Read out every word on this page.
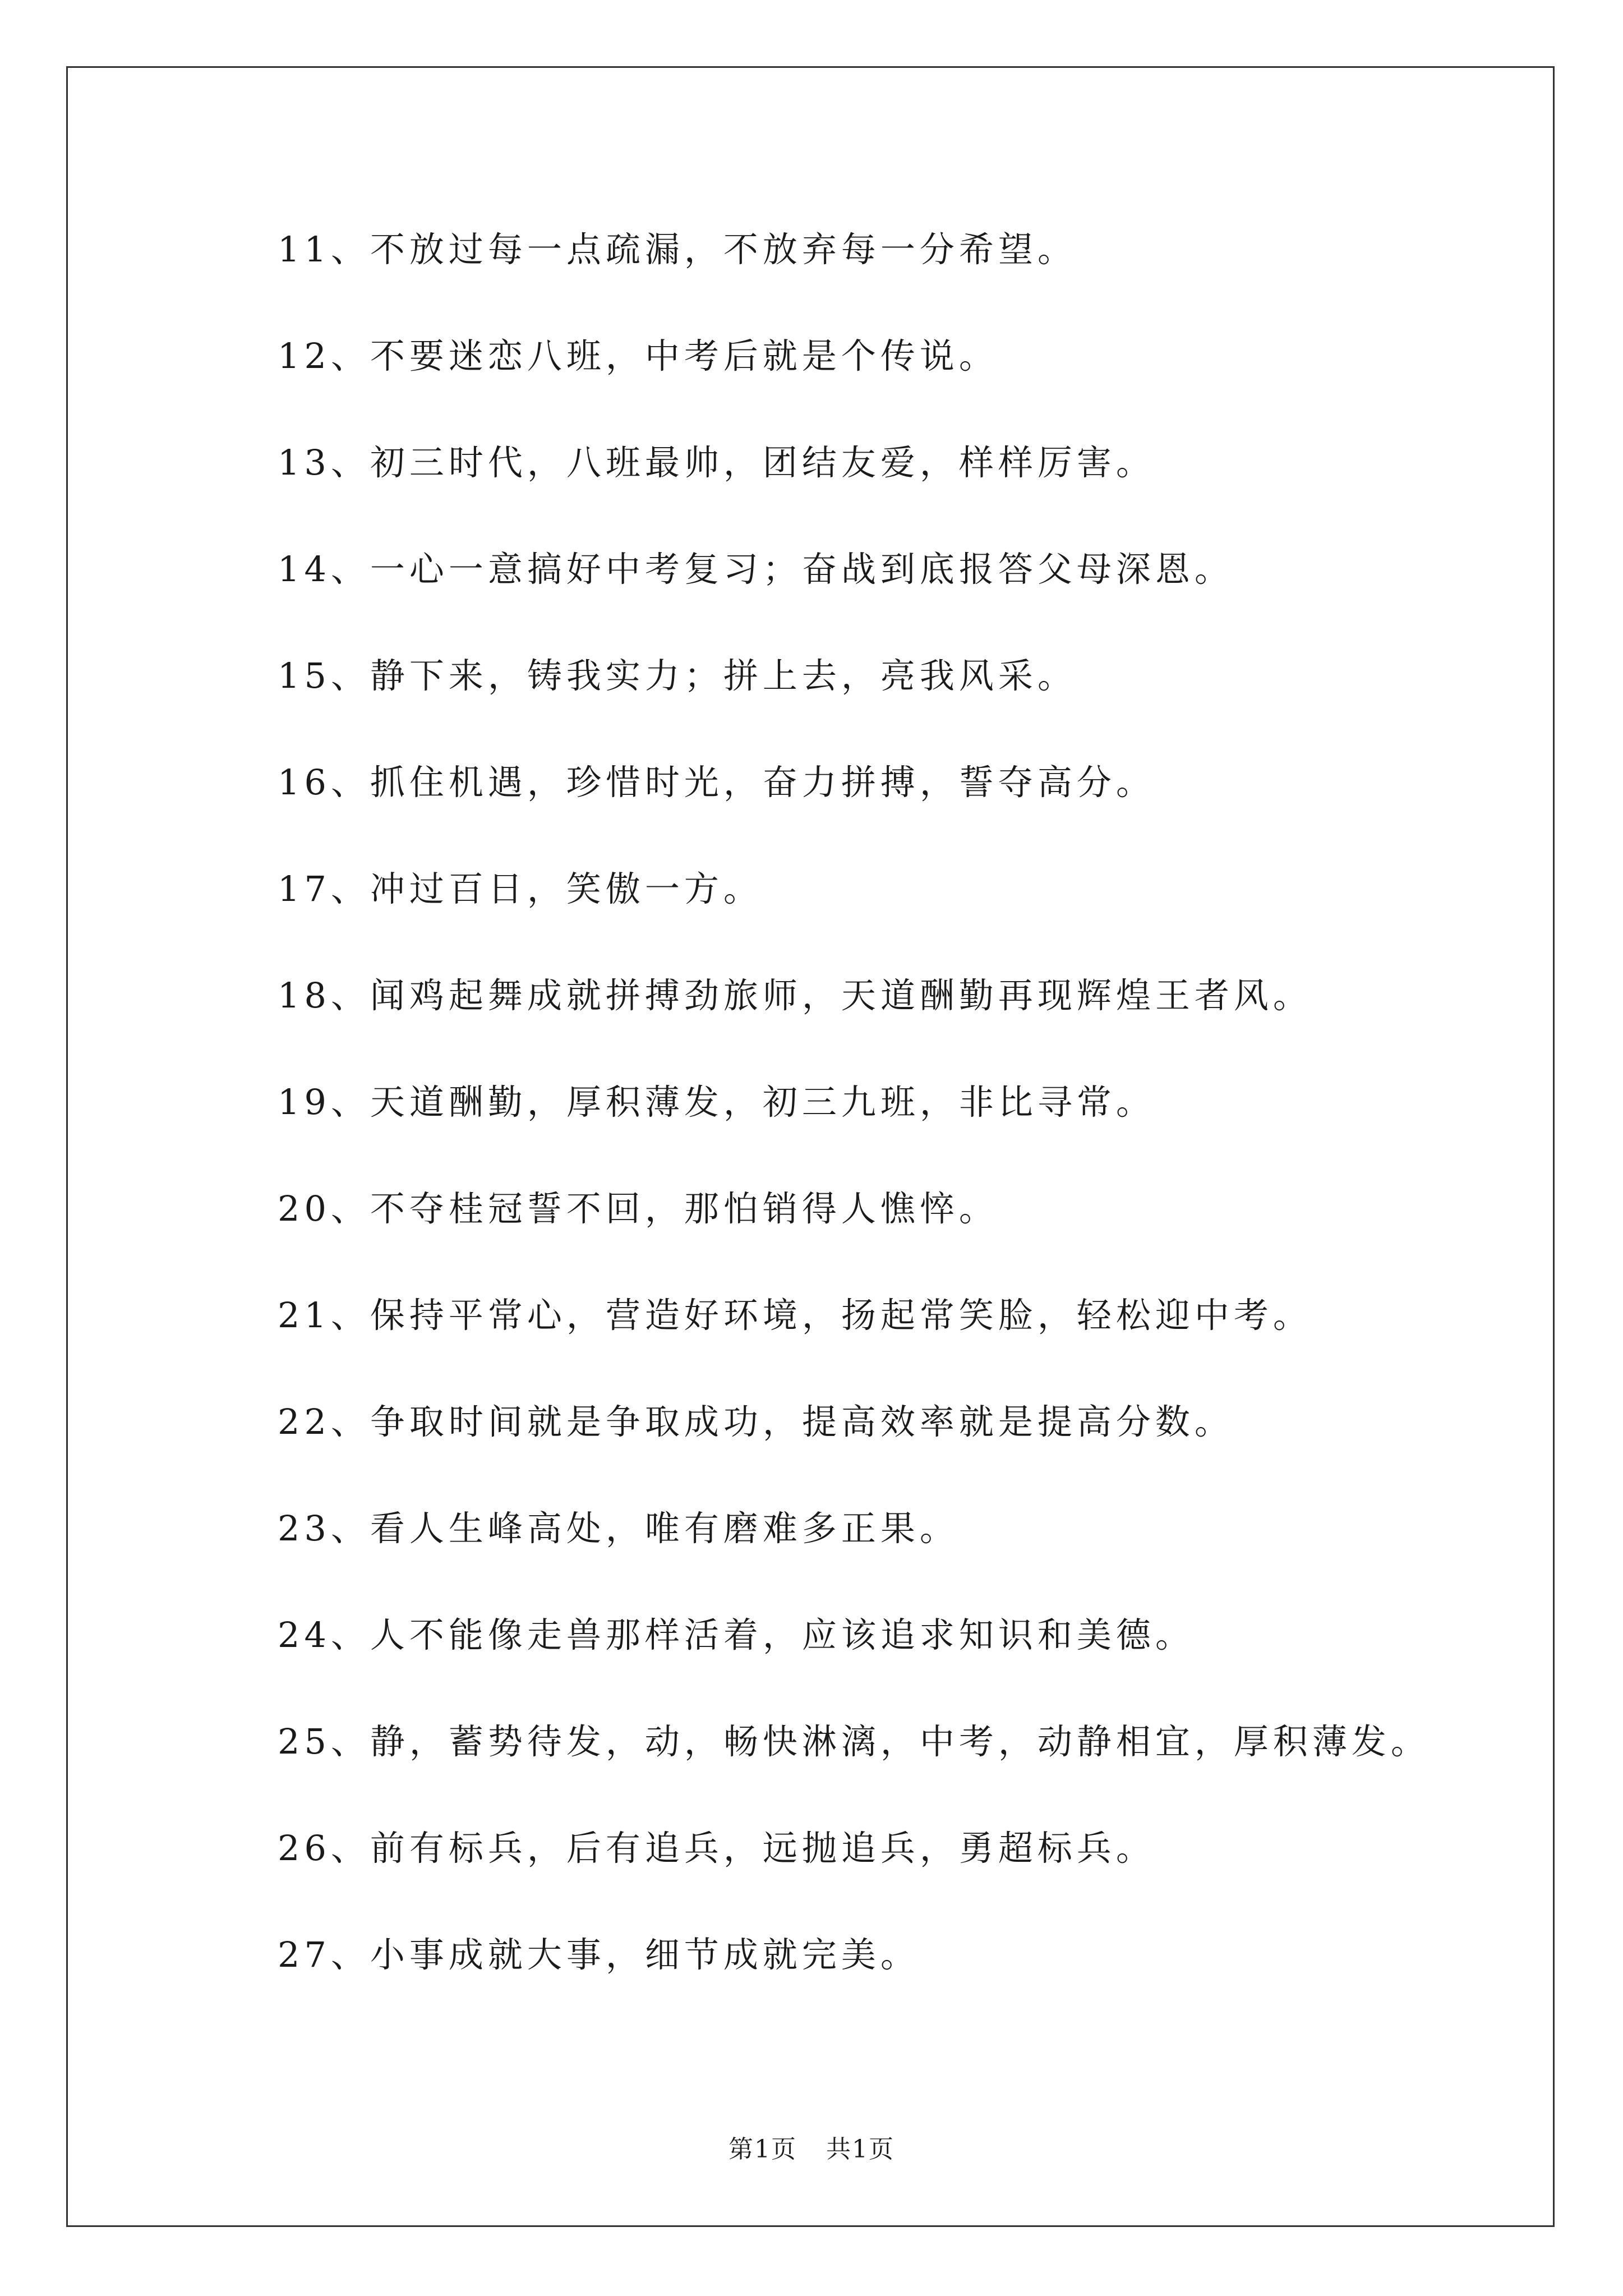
11、不放过每一点疏漏，不放弃每一分希望。
12、不要迷恋八班，中考后就是个传说。
13、初三时代，八班最帅，团结友爱，样样厉害。
14、一心一意搞好中考复习；奋战到底报答父母深恩。
15、静下来，铸我实力；拼上去，亮我风采。
16、抓住机遇，珍惜时光，奋力拼搏，誓夺高分。
17、冲过百日，笑傲一方。
18、闻鸡起舞成就拼搏劲旅师，天道酬勤再现辉煌王者风。
19、天道酬勤，厚积薄发，初三九班，非比寻常。
20、不夺桂冠誓不回，那怕销得人憔悴。
21、保持平常心，营造好环境，扬起常笑脸，轻松迎中考。
22、争取时间就是争取成功，提高效率就是提高分数。
23、看人生峰高处，唯有磨难多正果。
24、人不能像走兽那样活着，应该追求知识和美德。
25、静，蓄势待发，动，畅快淋漓，中考，动静相宜，厚积薄发。
26、前有标兵，后有追兵，远抛追兵，勇超标兵。
27、小事成就大事，细节成就完美。
第1页 共1页
